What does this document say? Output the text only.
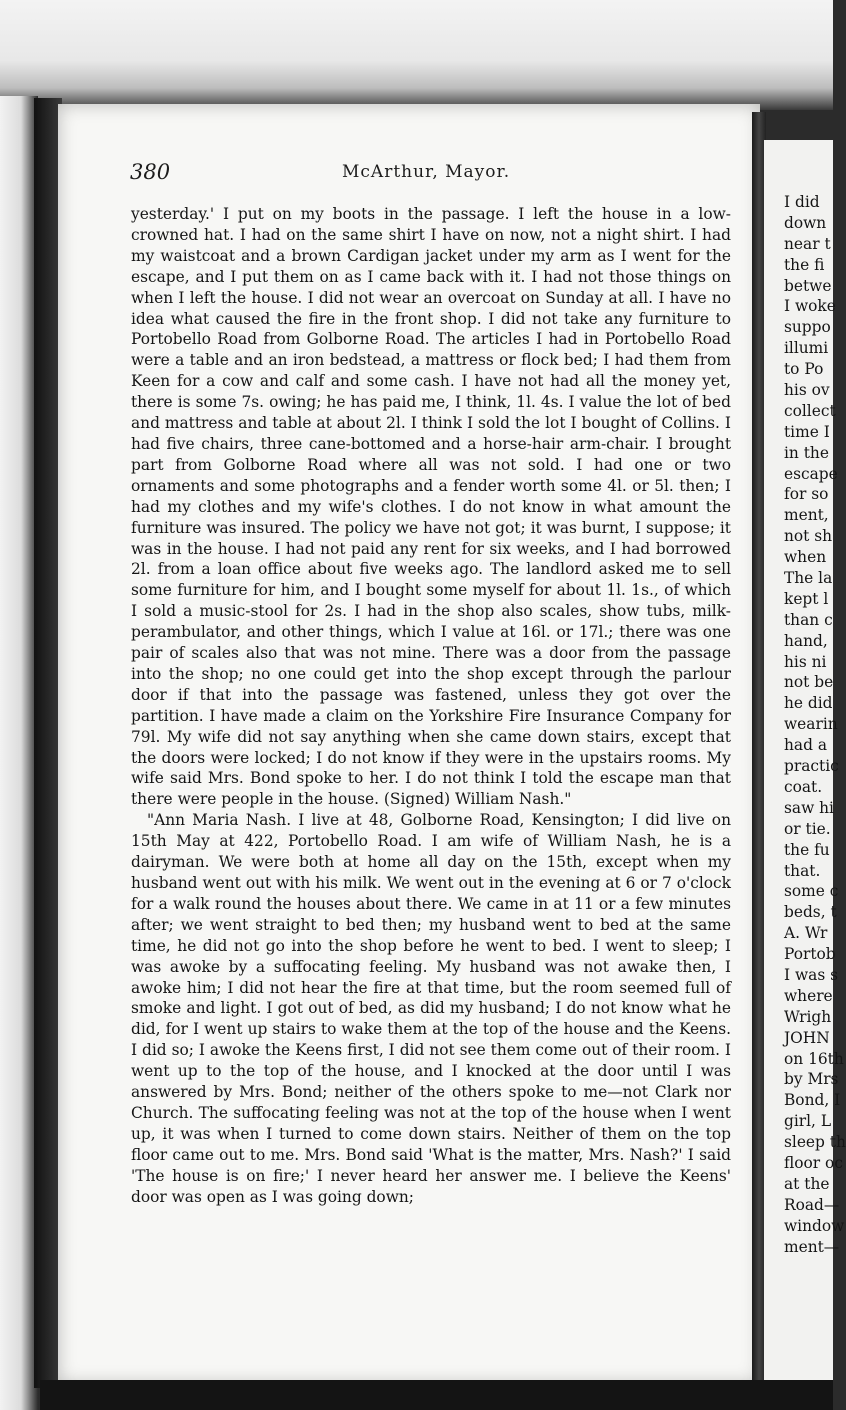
380	McArthur, Mayor.

yesterday.' I put on my boots in the passage. I left the house in a low-crowned hat. I had on the same shirt I have on now, not a night shirt. I had my waistcoat and a brown Cardigan jacket under my arm as I went for the escape, and I put them on as I came back with it. I had not those things on when I left the house. I did not wear an overcoat on Sunday at all. I have no idea what caused the fire in the front shop. I did not take any furniture to Portobello Road from Golborne Road. The articles I had in Portobello Road were a table and an iron bedstead, a mattress or flock bed; I had them from Keen for a cow and calf and some cash. I have not had all the money yet, there is some 7s. owing; he has paid me, I think, 1l. 4s. I value the lot of bed and mattress and table at about 2l. I think I sold the lot I bought of Collins. I had five chairs, three cane-bottomed and a horse-hair arm-chair. I brought part from Golborne Road where all was not sold. I had one or two ornaments and some photographs and a fender worth some 4l. or 5l. then; I had my clothes and my wife's clothes. I do not know in what amount the furniture was insured. The policy we have not got; it was burnt, I suppose; it was in the house. I had not paid any rent for six weeks, and I had borrowed 2l. from a loan office about five weeks ago. The landlord asked me to sell some furniture for him, and I bought some myself for about 1l. 1s., of which I sold a music-stool for 2s. I had in the shop also scales, show tubs, milk-perambulator, and other things, which I value at 16l. or 17l.; there was one pair of scales also that was not mine. There was a door from the passage into the shop; no one could get into the shop except through the parlour door if that into the passage was fastened, unless they got over the partition. I have made a claim on the Yorkshire Fire Insurance Company for 79l. My wife did not say anything when she came down stairs, except that the doors were locked; I do not know if they were in the upstairs rooms. My wife said Mrs. Bond spoke to her. I do not think I told the escape man that there were people in the house. (Signed) William Nash."

"Ann Maria Nash. I live at 48, Golborne Road, Kensington; I did live on 15th May at 422, Portobello Road. I am wife of William Nash, he is a dairyman. We were both at home all day on the 15th, except when my husband went out with his milk. We went out in the evening at 6 or 7 o'clock for a walk round the houses about there. We came in at 11 or a few minutes after; we went straight to bed then; my husband went to bed at the same time, he did not go into the shop before he went to bed. I went to sleep; I was awoke by a suffocating feeling. My husband was not awake then, I awoke him; I did not hear the fire at that time, but the room seemed full of smoke and light. I got out of bed, as did my husband; I do not know what he did, for I went up stairs to wake them at the top of the house and the Keens. I did so; I awoke the Keens first, I did not see them come out of their room. I went up to the top of the house, and I knocked at the door until I was answered by Mrs. Bond; neither of the others spoke to me—not Clark nor Church. The suffocating feeling was not at the top of the house when I went up, it was when I turned to come down stairs. Neither of them on the top floor came out to me. Mrs. Bond said 'What is the matter, Mrs. Nash?' I said 'The house is on fire;' I never heard her answer me. I believe the Keens' door was open as I was going down;

I did
down
near t
the fi
betwe
I woke
suppo
illumi
to Po
his ov
collect
time I
in the
escape
for so
ment,
not sh
when
The la
kept l
than c
hand,
his ni
not be
he did
wearin
had a
practic
coat.
saw hi
or tie.
the fu
that.
some c
beds, t
A. Wr
Portob
I was s
where
Wrigh
JOHN
on 16th
by Mrs
Bond, I
girl, L
sleep th
floor oc
at the
Road—
window
ment—
